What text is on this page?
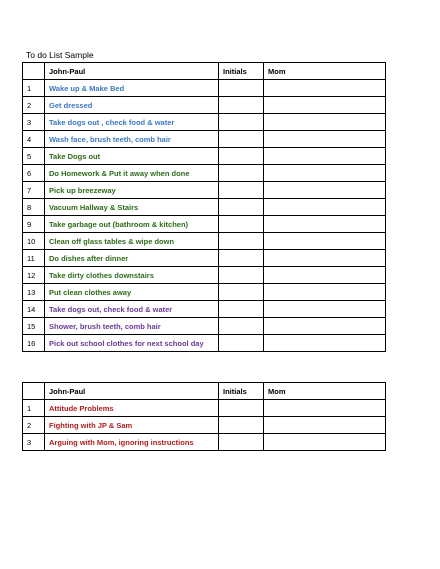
To do List Sample
	John-Paul	Initials	Mom
1	Wake up & Make Bed		
2	Get dressed		
3	Take dogs out , check food & water		
4	Wash face, brush teeth, comb hair		
5	Take Dogs out		
6	Do Homework & Put it away when done		
7	Pick up breezeway		
8	Vacuum Hallway & Stairs		
9	Take garbage out (bathroom & kitchen)		
10	Clean off glass tables & wipe down		
11	Do dishes after dinner		
12	Take dirty clothes downstairs		
13	Put clean clothes away		
14	Take dogs out, check food & water		
15	Shower, brush teeth, comb hair		
16	Pick out school clothes for next school day		
	John-Paul	Initials	Mom
1	Attitude Problems		
2	Fighting with JP & Sam		
3	Arguing with Mom, ignoring instructions		
